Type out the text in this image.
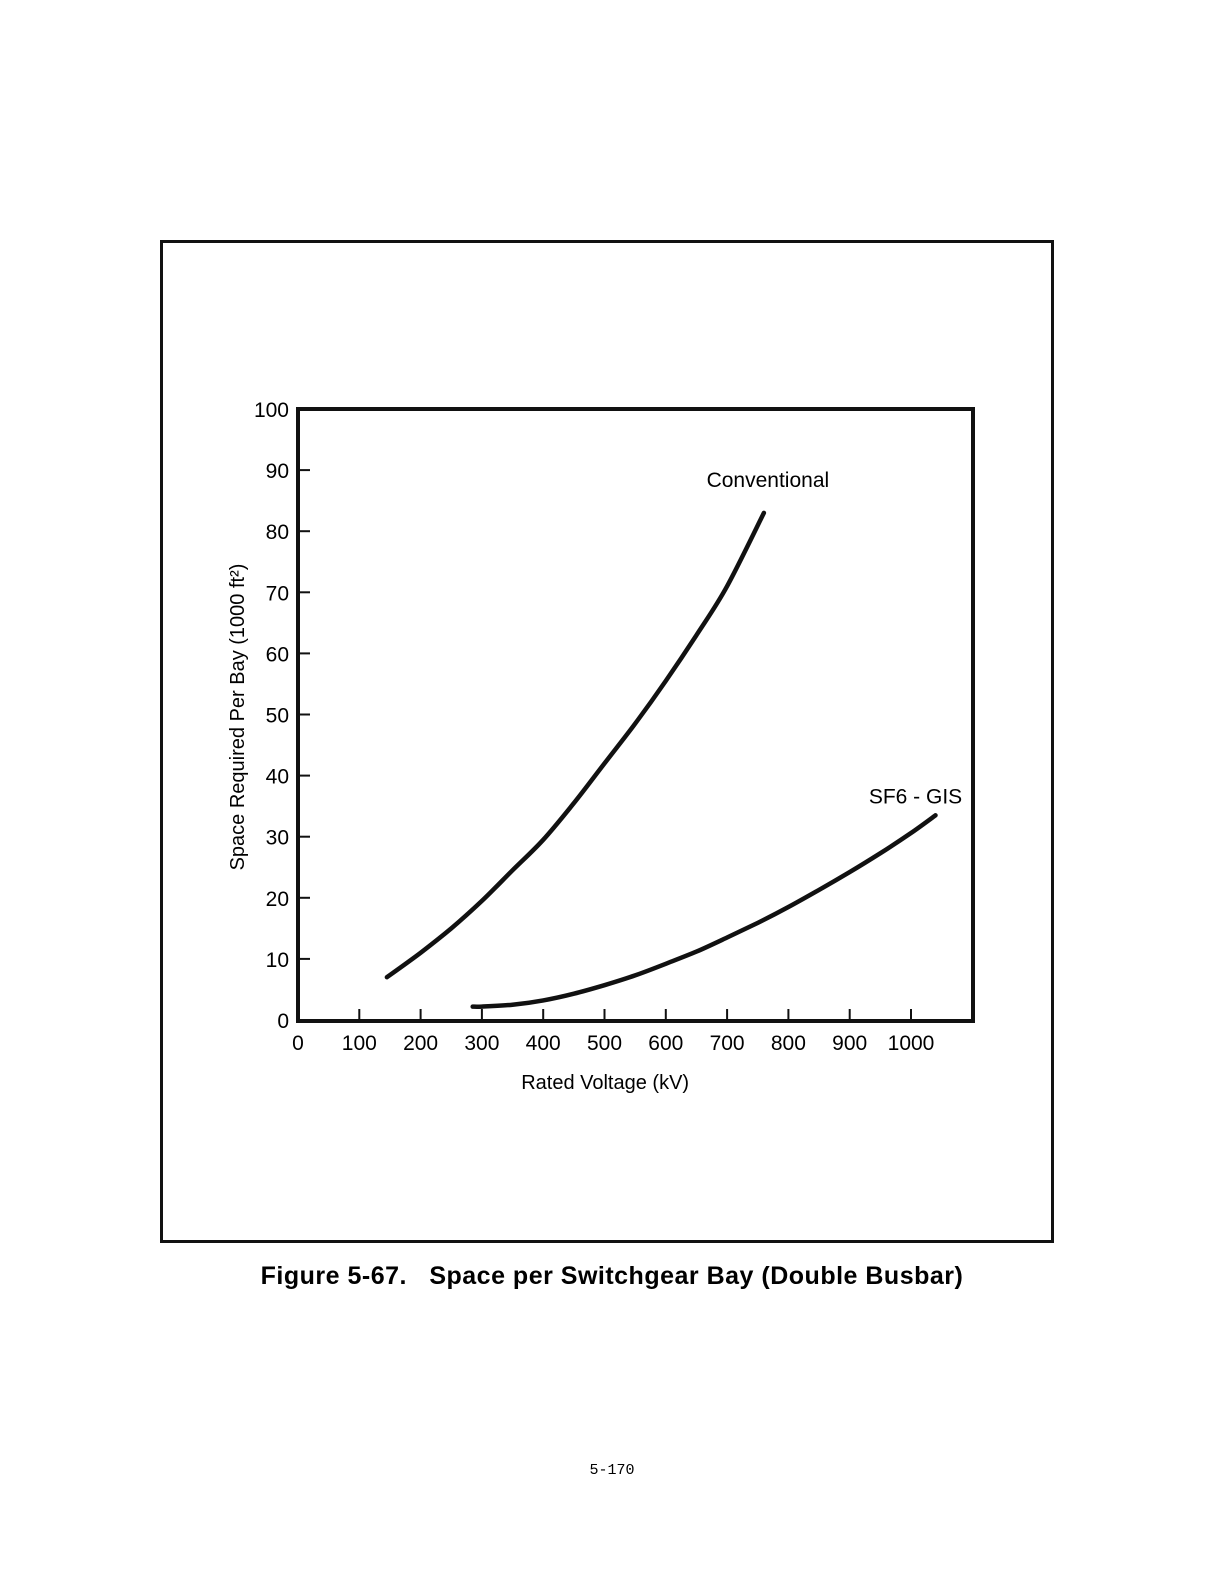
0
10
20
30
40
50
60
70
80
90
100
0 100 200 300 400 500 600 700 800 900 1000
Rated Voltage (kV)
Space Required Per Bay (1000 ft²)
Conventional
SF6 - GIS
Figure 5-67.   Space per Switchgear Bay (Double Busbar)
5-170
